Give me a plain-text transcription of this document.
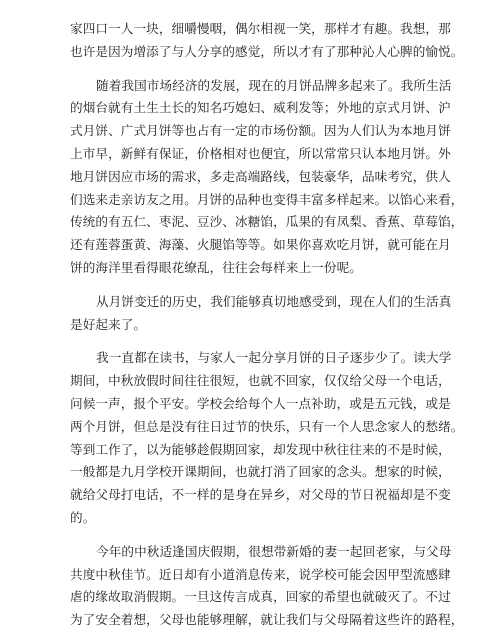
家四口一人一块，细嚼慢咽，偶尔相视一笑，那样才有趣。我想，那
也许是因为增添了与人分享的感觉，所以才有了那种沁人心脾的愉悦。
随着我国市场经济的发展，现在的月饼品牌多起来了。我所生活
的烟台就有土生土长的知名巧媳妇、威利发等；外地的京式月饼、沪
式月饼、广式月饼等也占有一定的市场份额。因为人们认为本地月饼
上市早，新鲜有保证，价格相对也便宜，所以常常只认本地月饼。外
地月饼因应市场的需求，多走高端路线，包装豪华，品味考究，供人
们选来走亲访友之用。月饼的品种也变得丰富多样起来。以馅心来看，
传统的有五仁、枣泥、豆沙、冰糖馅，瓜果的有凤梨、香蕉、草莓馅，
还有莲蓉蛋黄、海藻、火腿馅等等。如果你喜欢吃月饼，就可能在月
饼的海洋里看得眼花缭乱，往往会每样来上一份呢。
从月饼变迁的历史，我们能够真切地感受到，现在人们的生活真
是好起来了。
我一直都在读书，与家人一起分享月饼的日子逐步少了。读大学
期间，中秋放假时间往往很短，也就不回家，仅仅给父母一个电话，
问候一声，报个平安。学校会给每个人一点补助，或是五元钱，或是
两个月饼，但总是没有往日过节的快乐，只有一个人思念家人的愁绪。
等到工作了，以为能够趁假期回家，却发现中秋往往来的不是时候，
一般都是九月学校开课期间，也就打消了回家的念头。想家的时候，
就给父母打电话，不一样的是身在异乡，对父母的节日祝福却是不变
的。
今年的中秋适逢国庆假期，很想带新婚的妻一起回老家，与父母
共度中秋佳节。近日却有小道消息传来，说学校可能会因甲型流感肆
虐的缘故取消假期。一旦这传言成真，回家的希望也就破灭了。不过
为了安全着想，父母也能够理解，就让我们与父母隔着这些许的路程，
